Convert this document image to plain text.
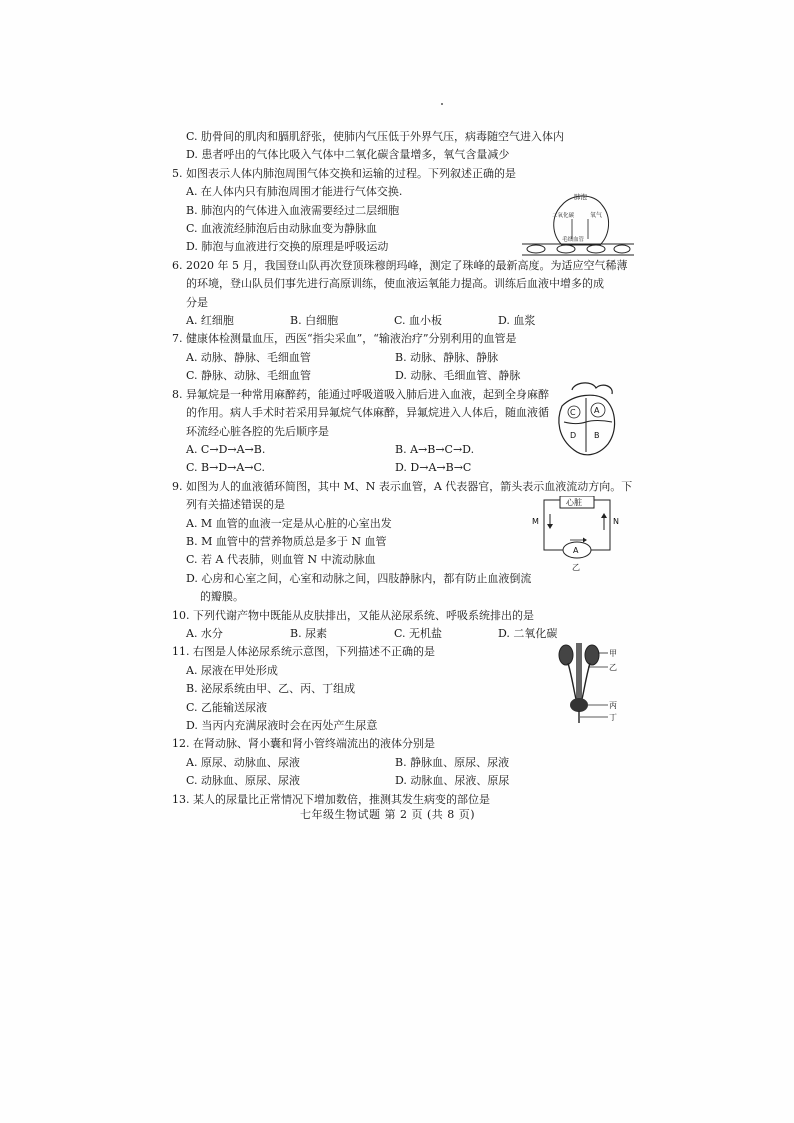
C. 肋骨间的肌肉和膈肌舒张，使肺内气压低于外界气压，病毒随空气进入体内
D. 患者呼出的气体比吸入气体中二氧化碳含量增多，氧气含量减少
5. 如图表示人体内肺泡周围气体交换和运输的过程。下列叙述正确的是
A. 在人体内只有肺泡周围才能进行气体交换.
B. 肺泡内的气体进入血液需要经过二层细胞
C. 血液流经肺泡后由动脉血变为静脉血
D. 肺泡与血液进行交换的原理是呼吸运动
肺泡
二氧化碳	氧气
毛细血管
6. 2020 年 5 月，我国登山队再次登顶珠穆朗玛峰，测定了珠峰的最新高度。为适应空气稀薄
的环境，登山队员们事先进行高原训练，使血液运氧能力提高。训练后血液中增多的成
分是
A. 红细胞	B. 白细胞	C. 血小板	D. 血浆
7. 健康体检测量血压，西医“指尖采血”，“输液治疗”分别利用的血管是
A. 动脉、静脉、毛细血管	B. 动脉、静脉、静脉
C. 静脉、动脉、毛细血管	D. 动脉、毛细血管、静脉
8. 异氟烷是一种常用麻醉药，能通过呼吸道吸入肺后进入血液，起到全身麻醉
的作用。病人手术时若采用异氟烷气体麻醉，异氟烷进入人体后，随血液循
环流经心脏各腔的先后顺序是
A. C→D→A→B.	B. A→B→C→D.
C. B→D→A→C.	D. D→A→B→C
C A
D B
9. 如图为人的血液循环简图，其中 M、N 表示血管，A 代表器官，箭头表示血液流动方向。下
列有关描述错误的是
A. M 血管的血液一定是从心脏的心室出发
B. M 血管中的营养物质总是多于 N 血管
C. 若 A 代表肺，则血管 N 中流动脉血
D. 心房和心室之间，心室和动脉之间，四肢静脉内，都有防止血液倒流
的瓣膜。
心脏
M	N
A
乙
10. 下列代谢产物中既能从皮肤排出，又能从泌尿系统、呼吸系统排出的是
A. 水分	B. 尿素	C. 无机盐	D. 二氧化碳
11. 右图是人体泌尿系统示意图，下列描述不正确的是
A. 尿液在甲处形成
B. 泌尿系统由甲、乙、丙、丁组成
C. 乙能输送尿液
D. 当丙内充满尿液时会在丙处产生尿意
甲
乙
丙
丁
12. 在肾动脉、肾小囊和肾小管终端流出的液体分别是
A. 原尿、动脉血、尿液	B. 静脉血、原尿、尿液
C. 动脉血、原尿、尿液	D. 动脉血、尿液、原尿
13. 某人的尿量比正常情况下增加数倍，推测其发生病变的部位是
七年级生物试题 第 2 页 (共 8 页)
